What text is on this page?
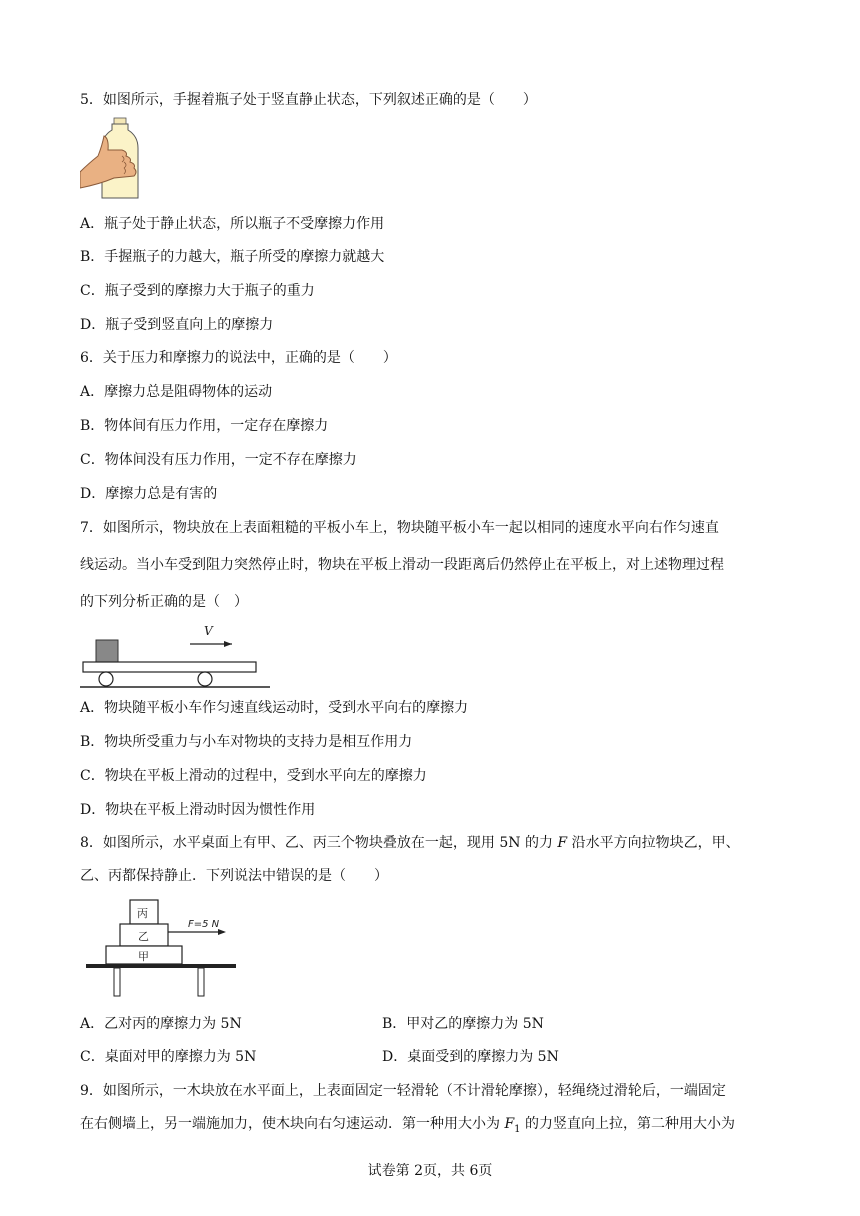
5．如图所示，手握着瓶子处于竖直静止状态，下列叙述正确的是（　　）
A．瓶子处于静止状态，所以瓶子不受摩擦力作用
B．手握瓶子的力越大，瓶子所受的摩擦力就越大
C．瓶子受到的摩擦力大于瓶子的重力
D．瓶子受到竖直向上的摩擦力
6．关于压力和摩擦力的说法中，正确的是（　　）
A．摩擦力总是阻碍物体的运动
B．物体间有压力作用，一定存在摩擦力
C．物体间没有压力作用，一定不存在摩擦力
D．摩擦力总是有害的
7．如图所示，物块放在上表面粗糙的平板小车上，物块随平板小车一起以相同的速度水平向右作匀速直
线运动。当小车受到阻力突然停止时，物块在平板上滑动一段距离后仍然停止在平板上，对上述物理过程
的下列分析正确的是（　）
V
A．物块随平板小车作匀速直线运动时，受到水平向右的摩擦力
B．物块所受重力与小车对物块的支持力是相互作用力
C．物块在平板上滑动的过程中，受到水平向左的摩擦力
D．物块在平板上滑动时因为惯性作用
8．如图所示，水平桌面上有甲、乙、丙三个物块叠放在一起，现用 5N 的力 F 沿水平方向拉物块乙，甲、
乙、丙都保持静止．下列说法中错误的是（　　）
丙
乙
甲
F=5 N
A．乙对丙的摩擦力为 5N	B．甲对乙的摩擦力为 5N
C．桌面对甲的摩擦力为 5N	D．桌面受到的摩擦力为 5N
9．如图所示，一木块放在水平面上，上表面固定一轻滑轮（不计滑轮摩擦），轻绳绕过滑轮后，一端固定
在右侧墙上，另一端施加力，使木块向右匀速运动．第一种用大小为 $F_1$ 的力竖直向上拉，第二种用大小为
试卷第 2页，共 6页
